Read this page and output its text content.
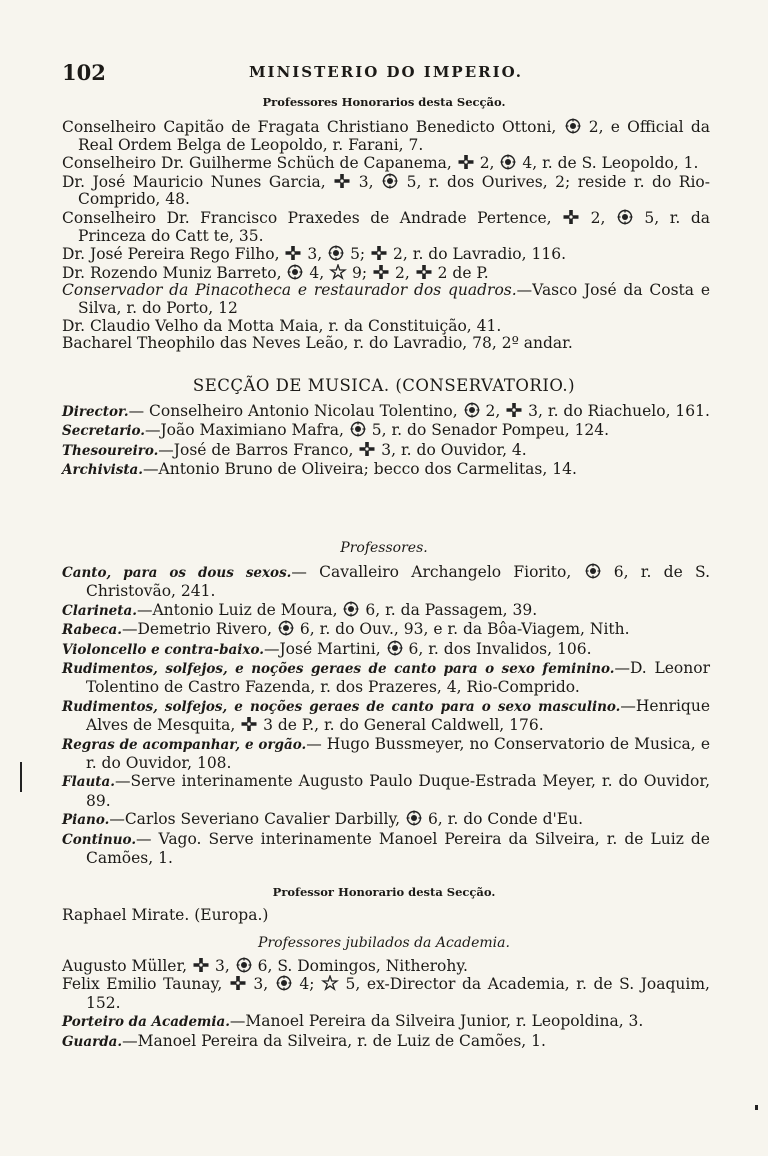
102	MINISTERIO DO IMPERIO.
Professores Honorarios desta Secção.
Conselheiro Capitão de Fragata Christiano Benedicto Ottoni,  2, e Official da Real Ordem Belga de Leopoldo, r. Farani, 7.
Conselheiro Dr. Guilherme Schüch de Capanema,  2,  4, r. de S. Leopoldo, 1.
Dr. José Mauricio Nunes Garcia,  3,  5, r. dos Ourives, 2; reside r. do Rio-Comprido, 48.
Conselheiro Dr. Francisco Praxedes de Andrade Pertence,  2,  5, r. da Princeza do Catt te, 35.
Dr. José Pereira Rego Filho,  3,  5;  2, r. do Lavradio, 116.
Dr. Rozendo Muniz Barreto,  4,  9;  2,  2 de P.
Conservador da Pinacotheca e restaurador dos quadros.—Vasco José da Costa e Silva, r. do Porto, 12
Dr. Claudio Velho da Motta Maia, r. da Constituição, 41.
Bacharel Theophilo das Neves Leão, r. do Lavradio, 78, 2º andar.
SECÇÃO DE MUSICA. (CONSERVATORIO.)
Director.— Conselheiro Antonio Nicolau Tolentino,  2,  3, r. do Riachuelo, 161.
Secretario.—João Maximiano Mafra,  5, r. do Senador Pompeu, 124.
Thesoureiro.—José de Barros Franco,  3, r. do Ouvidor, 4.
Archivista.—Antonio Bruno de Oliveira; becco dos Carmelitas, 14.
Professores.
Canto, para os dous sexos.— Cavalleiro Archangelo Fiorito,  6, r. de S. Christovão, 241.
Clarineta.—Antonio Luiz de Moura,  6, r. da Passagem, 39.
Rabeca.—Demetrio Rivero,  6, r. do Ouv., 93, e r. da Bôa-Viagem, Nith.
Violoncello e contra-baixo.—José Martini,  6, r. dos Invalidos, 106.
Rudimentos, solfejos, e noções geraes de canto para o sexo feminino.—D. Leonor Tolentino de Castro Fazenda, r. dos Prazeres, 4, Rio-Comprido.
Rudimentos, solfejos, e noções geraes de canto para o sexo masculino.—Henrique Alves de Mesquita,  3 de P., r. do General Caldwell, 176.
Regras de acompanhar, e orgão.— Hugo Bussmeyer, no Conservatorio de Musica, e r. do Ouvidor, 108.
Flauta.—Serve interinamente Augusto Paulo Duque-Estrada Meyer, r. do Ouvidor, 89.
Piano.—Carlos Severiano Cavalier Darbilly,  6, r. do Conde d'Eu.
Continuo.— Vago. Serve interinamente Manoel Pereira da Silveira, r. de Luiz de Camões, 1.
Professor Honorario desta Secção.
Raphael Mirate. (Europa.)
Professores jubilados da Academia.
Augusto Müller,  3,  6, S. Domingos, Nitherohy.
Felix Emilio Taunay,  3,  4;  5, ex-Director da Academia, r. de S. Joaquim, 152.
Porteiro da Academia.—Manoel Pereira da Silveira Junior, r. Leopoldina, 3.
Guarda.—Manoel Pereira da Silveira, r. de Luiz de Camões, 1.
